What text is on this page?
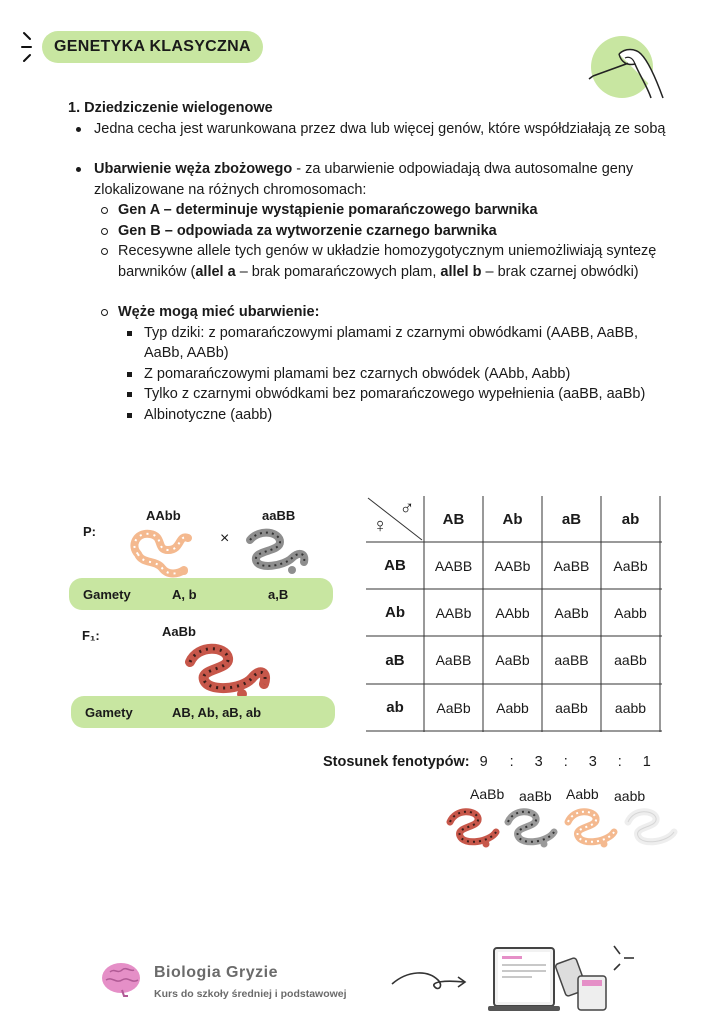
GENETYKA KLASYCZNA
1. Dziedziczenie wielogenowe
Jedna cecha jest warunkowana przez dwa lub więcej genów, które współdziałają ze sobą
Ubarwienie węża zbożowego - za ubarwienie odpowiadają dwa autosomalne geny zlokalizowane na różnych chromosomach:
Gen A – determinuje wystąpienie pomarańczowego barwnika
Gen B – odpowiada za wytworzenie czarnego barwnika
Recesywne allele tych genów w układzie homozygotycznym uniemożliwiają syntezę barwników (allel a – brak pomarańczowych plam, allel b – brak czarnej obwódki)
Węże mogą mieć ubarwienie:
Typ dziki: z pomarańczowymi plamami z czarnymi obwódkami (AABB, AaBB, AaBb, AABb)
Z pomarańczowymi plamami bez czarnych obwódek (AAbb, Aabb)
Tylko z czarnymi obwódkami bez pomarańczowego wypełnienia (aaBB, aaBb)
Albinotyczne (aabb)
P:
AAbb	aaBB
×
Gamety	A, b	a,B
F₁:	AaBb
Gamety	AB, Ab, aB, ab
♀
♂
AB	Ab	aB	ab
AB	AABB	AABb	AaBB	AaBb
Ab	AABb	AAbb	AaBb	Aabb
aB	AaBB	AaBb	aaBB	aaBb
ab	AaBb	Aabb	aaBb	aabb
Stosunek fenotypów: 9 : 3 : 3 : 1
AaBb aaBb Aabb aabb
Biologia Gryzie
Kurs do szkoły średniej i podstawowej
